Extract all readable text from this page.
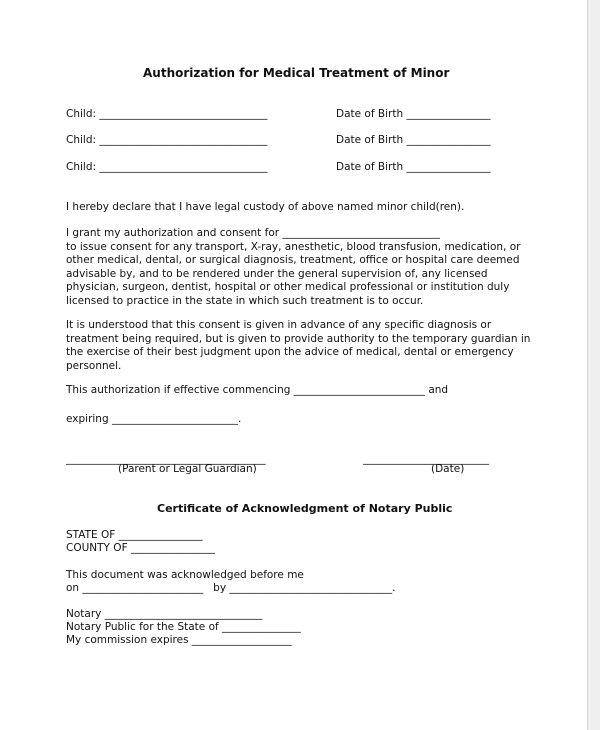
Authorization for Medical Treatment of Minor
Child: ________________________________	Date of Birth ________________
Child: ________________________________	Date of Birth ________________
Child: ________________________________	Date of Birth ________________
I hereby declare that I have legal custody of above named minor child(ren).
I grant my authorization and consent for ______________________________
to issue consent for any transport, X-ray, anesthetic, blood transfusion, medication, or
other medical, dental, or surgical diagnosis, treatment, office or hospital care deemed
advisable by, and to be rendered under the general supervision of, any licensed
physician, surgeon, dentist, hospital or other medical professional or institution duly
licensed to practice in the state in which such treatment is to occur.
It is understood that this consent is given in advance of any specific diagnosis or
treatment being required, but is given to provide authority to the temporary guardian in
the exercise of their best judgment upon the advice of medical, dental or emergency
personnel.
This authorization if effective commencing _________________________ and
expiring ________________________.
______________________________________
(Parent or Legal Guardian)
________________________
(Date)
Certificate of Acknowledgment of Notary Public
STATE OF ________________
COUNTY OF ________________
This document was acknowledged before me
on _______________________   by _______________________________.
Notary ______________________________
Notary Public for the State of _______________
My commission expires ___________________
